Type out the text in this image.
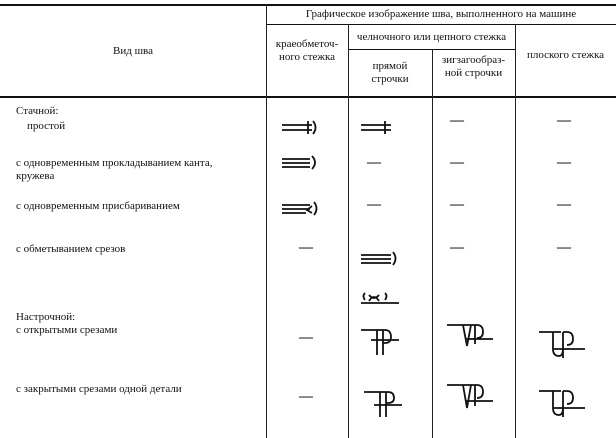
Вид шва
Графическое изображение шва, выполненного на машине
краеобметоч-
ного стежка
челночного или цепного стежка
прямой
строчки
зигзагообраз-
ной строчки
плоского стежка
Стачной:
простой
с одновременным прокладыванием канта,
кружева
с одновременным присбариванием
с обметыванием срезов
Настрочной:
с открытыми срезами
с закрытыми срезами одной детали
—
—
—
—
—
—
—
—
—
—
—
—
—
